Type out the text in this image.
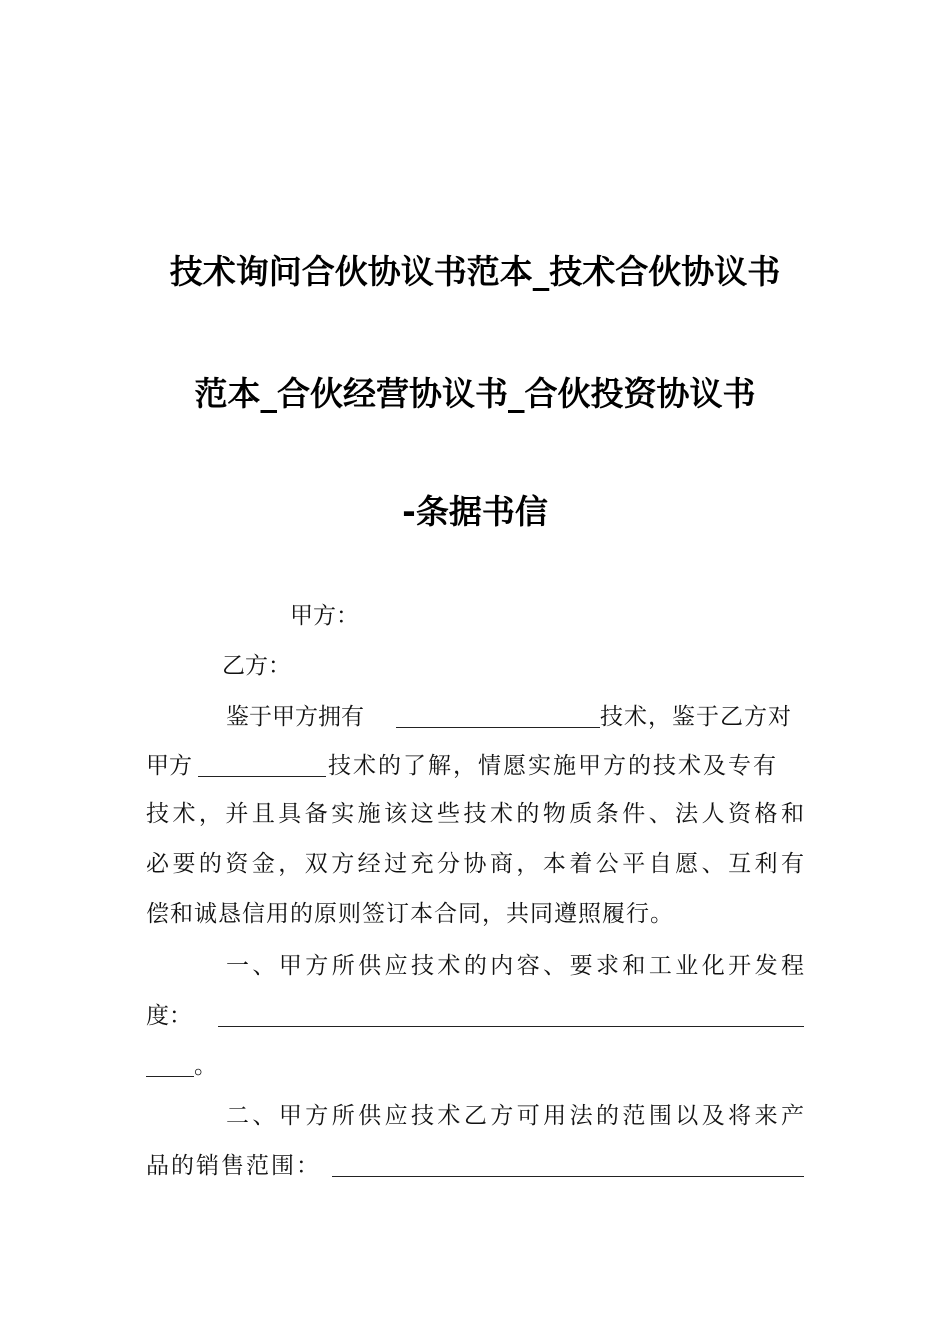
技术询问合伙协议书范本_技术合伙协议书
范本_合伙经营协议书_合伙投资协议书
-条据书信
甲方：
乙方：
鉴于甲方拥有	技术，鉴于乙方对
甲方	技术的了解，情愿实施甲方的技术及专有
技术，并且具备实施该这些技术的物质条件、法人资格和
必要的资金，双方经过充分协商，本着公平自愿、互利有
偿和诚恳信用的原则签订本合同，共同遵照履行。
一、甲方所供应技术的内容、要求和工业化开发程
度：
。
二、甲方所供应技术乙方可用法的范围以及将来产
品的销售范围：
